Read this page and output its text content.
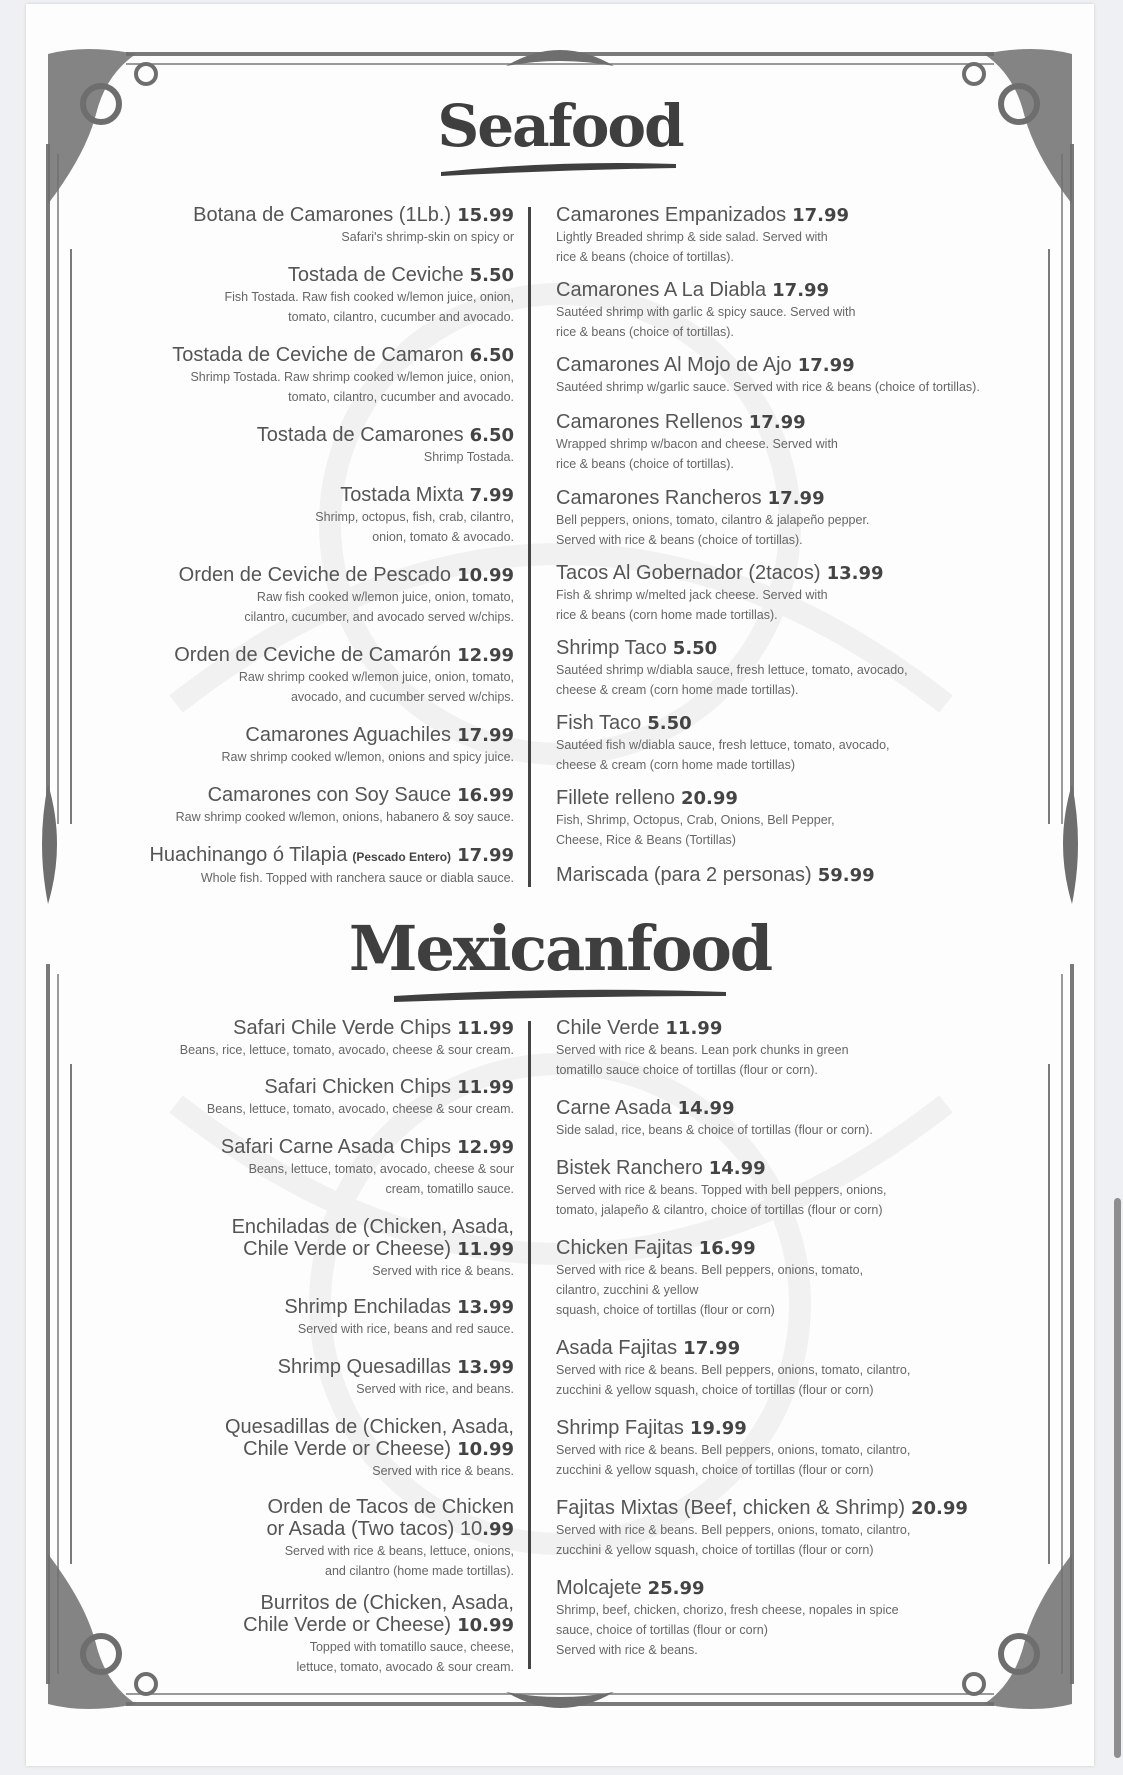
Seafood
Botana de Camarones (1Lb.) 15.99
Safari's shrimp-skin on spicy or
Tostada de Ceviche 5.50
Fish Tostada. Raw fish cooked w/lemon juice, onion,
tomato, cilantro, cucumber and avocado.
Tostada de Ceviche de Camaron 6.50
Shrimp Tostada. Raw shrimp cooked w/lemon juice, onion,
tomato, cilantro, cucumber and avocado.
Tostada de Camarones 6.50
Shrimp Tostada.
Tostada Mixta 7.99
Shrimp, octopus, fish, crab, cilantro,
onion, tomato & avocado.
Orden de Ceviche de Pescado 10.99
Raw fish cooked w/lemon juice, onion, tomato,
cilantro, cucumber, and avocado served w/chips.
Orden de Ceviche de Camarón 12.99
Raw shrimp cooked w/lemon juice, onion, tomato,
avocado, and cucumber served w/chips.
Camarones Aguachiles 17.99
Raw shrimp cooked w/lemon, onions and spicy juice.
Camarones con Soy Sauce 16.99
Raw shrimp cooked w/lemon, onions, habanero & soy sauce.
Huachinango ó Tilapia (Pescado Entero) 17.99
Whole fish. Topped with ranchera sauce or diabla sauce.
Camarones Empanizados 17.99
Lightly Breaded shrimp & side salad. Served with
rice & beans (choice of tortillas).
Camarones A La Diabla 17.99
Sautéed shrimp with garlic & spicy sauce. Served with
rice & beans (choice of tortillas).
Camarones Al Mojo de Ajo 17.99
Sautéed shrimp w/garlic sauce. Served with rice & beans (choice of tortillas).
Camarones Rellenos 17.99
Wrapped shrimp w/bacon and cheese. Served with
rice & beans (choice of tortillas).
Camarones Rancheros 17.99
Bell peppers, onions, tomato, cilantro & jalapeño pepper.
Served with rice & beans (choice of tortillas).
Tacos Al Gobernador (2tacos) 13.99
Fish & shrimp w/melted jack cheese. Served with
rice & beans (corn home made tortillas).
Shrimp Taco 5.50
Sautéed shrimp w/diabla sauce, fresh lettuce, tomato, avocado,
cheese & cream (corn home made tortillas).
Fish Taco 5.50
Sautéed fish w/diabla sauce, fresh lettuce, tomato, avocado,
cheese & cream (corn home made tortillas)
Fillete relleno 20.99
Fish, Shrimp, Octopus, Crab, Onions, Bell Pepper,
Cheese, Rice & Beans (Tortillas)
Mariscada (para 2 personas) 59.99
Mexicanfood
Safari Chile Verde Chips 11.99
Beans, rice, lettuce, tomato, avocado, cheese & sour cream.
Safari Chicken Chips 11.99
Beans, lettuce, tomato, avocado, cheese & sour cream.
Safari Carne Asada Chips 12.99
Beans, lettuce, tomato, avocado, cheese & sour
cream, tomatillo sauce.
Enchiladas de (Chicken, Asada,
Chile Verde or Cheese) 11.99
Served with rice & beans.
Shrimp Enchiladas 13.99
Served with rice, beans and red sauce.
Shrimp Quesadillas 13.99
Served with rice, and beans.
Quesadillas de (Chicken, Asada,
Chile Verde or Cheese) 10.99
Served with rice & beans.
Orden de Tacos de Chicken
or Asada (Two tacos) 10.99
Served with rice & beans, lettuce, onions,
and cilantro (home made tortillas).
Burritos de (Chicken, Asada,
Chile Verde or Cheese) 10.99
Topped with tomatillo sauce, cheese,
lettuce, tomato, avocado & sour cream.
Chile Verde 11.99
Served with rice & beans. Lean pork chunks in green
tomatillo sauce choice of tortillas (flour or corn).
Carne Asada 14.99
Side salad, rice, beans & choice of tortillas (flour or corn).
Bistek Ranchero 14.99
Served with rice & beans. Topped with bell peppers, onions,
tomato, jalapeño & cilantro, choice of tortillas (flour or corn)
Chicken Fajitas 16.99
Served with rice & beans. Bell peppers, onions, tomato,
cilantro, zucchini & yellow
squash, choice of tortillas (flour or corn)
Asada Fajitas 17.99
Served with rice & beans. Bell peppers, onions, tomato, cilantro,
zucchini & yellow squash, choice of tortillas (flour or corn)
Shrimp Fajitas 19.99
Served with rice & beans. Bell peppers, onions, tomato, cilantro,
zucchini & yellow squash, choice of tortillas (flour or corn)
Fajitas Mixtas (Beef, chicken & Shrimp) 20.99
Served with rice & beans. Bell peppers, onions, tomato, cilantro,
zucchini & yellow squash, choice of tortillas (flour or corn)
Molcajete 25.99
Shrimp, beef, chicken, chorizo, fresh cheese, nopales in spice
sauce, choice of tortillas (flour or corn)
Served with rice & beans.
